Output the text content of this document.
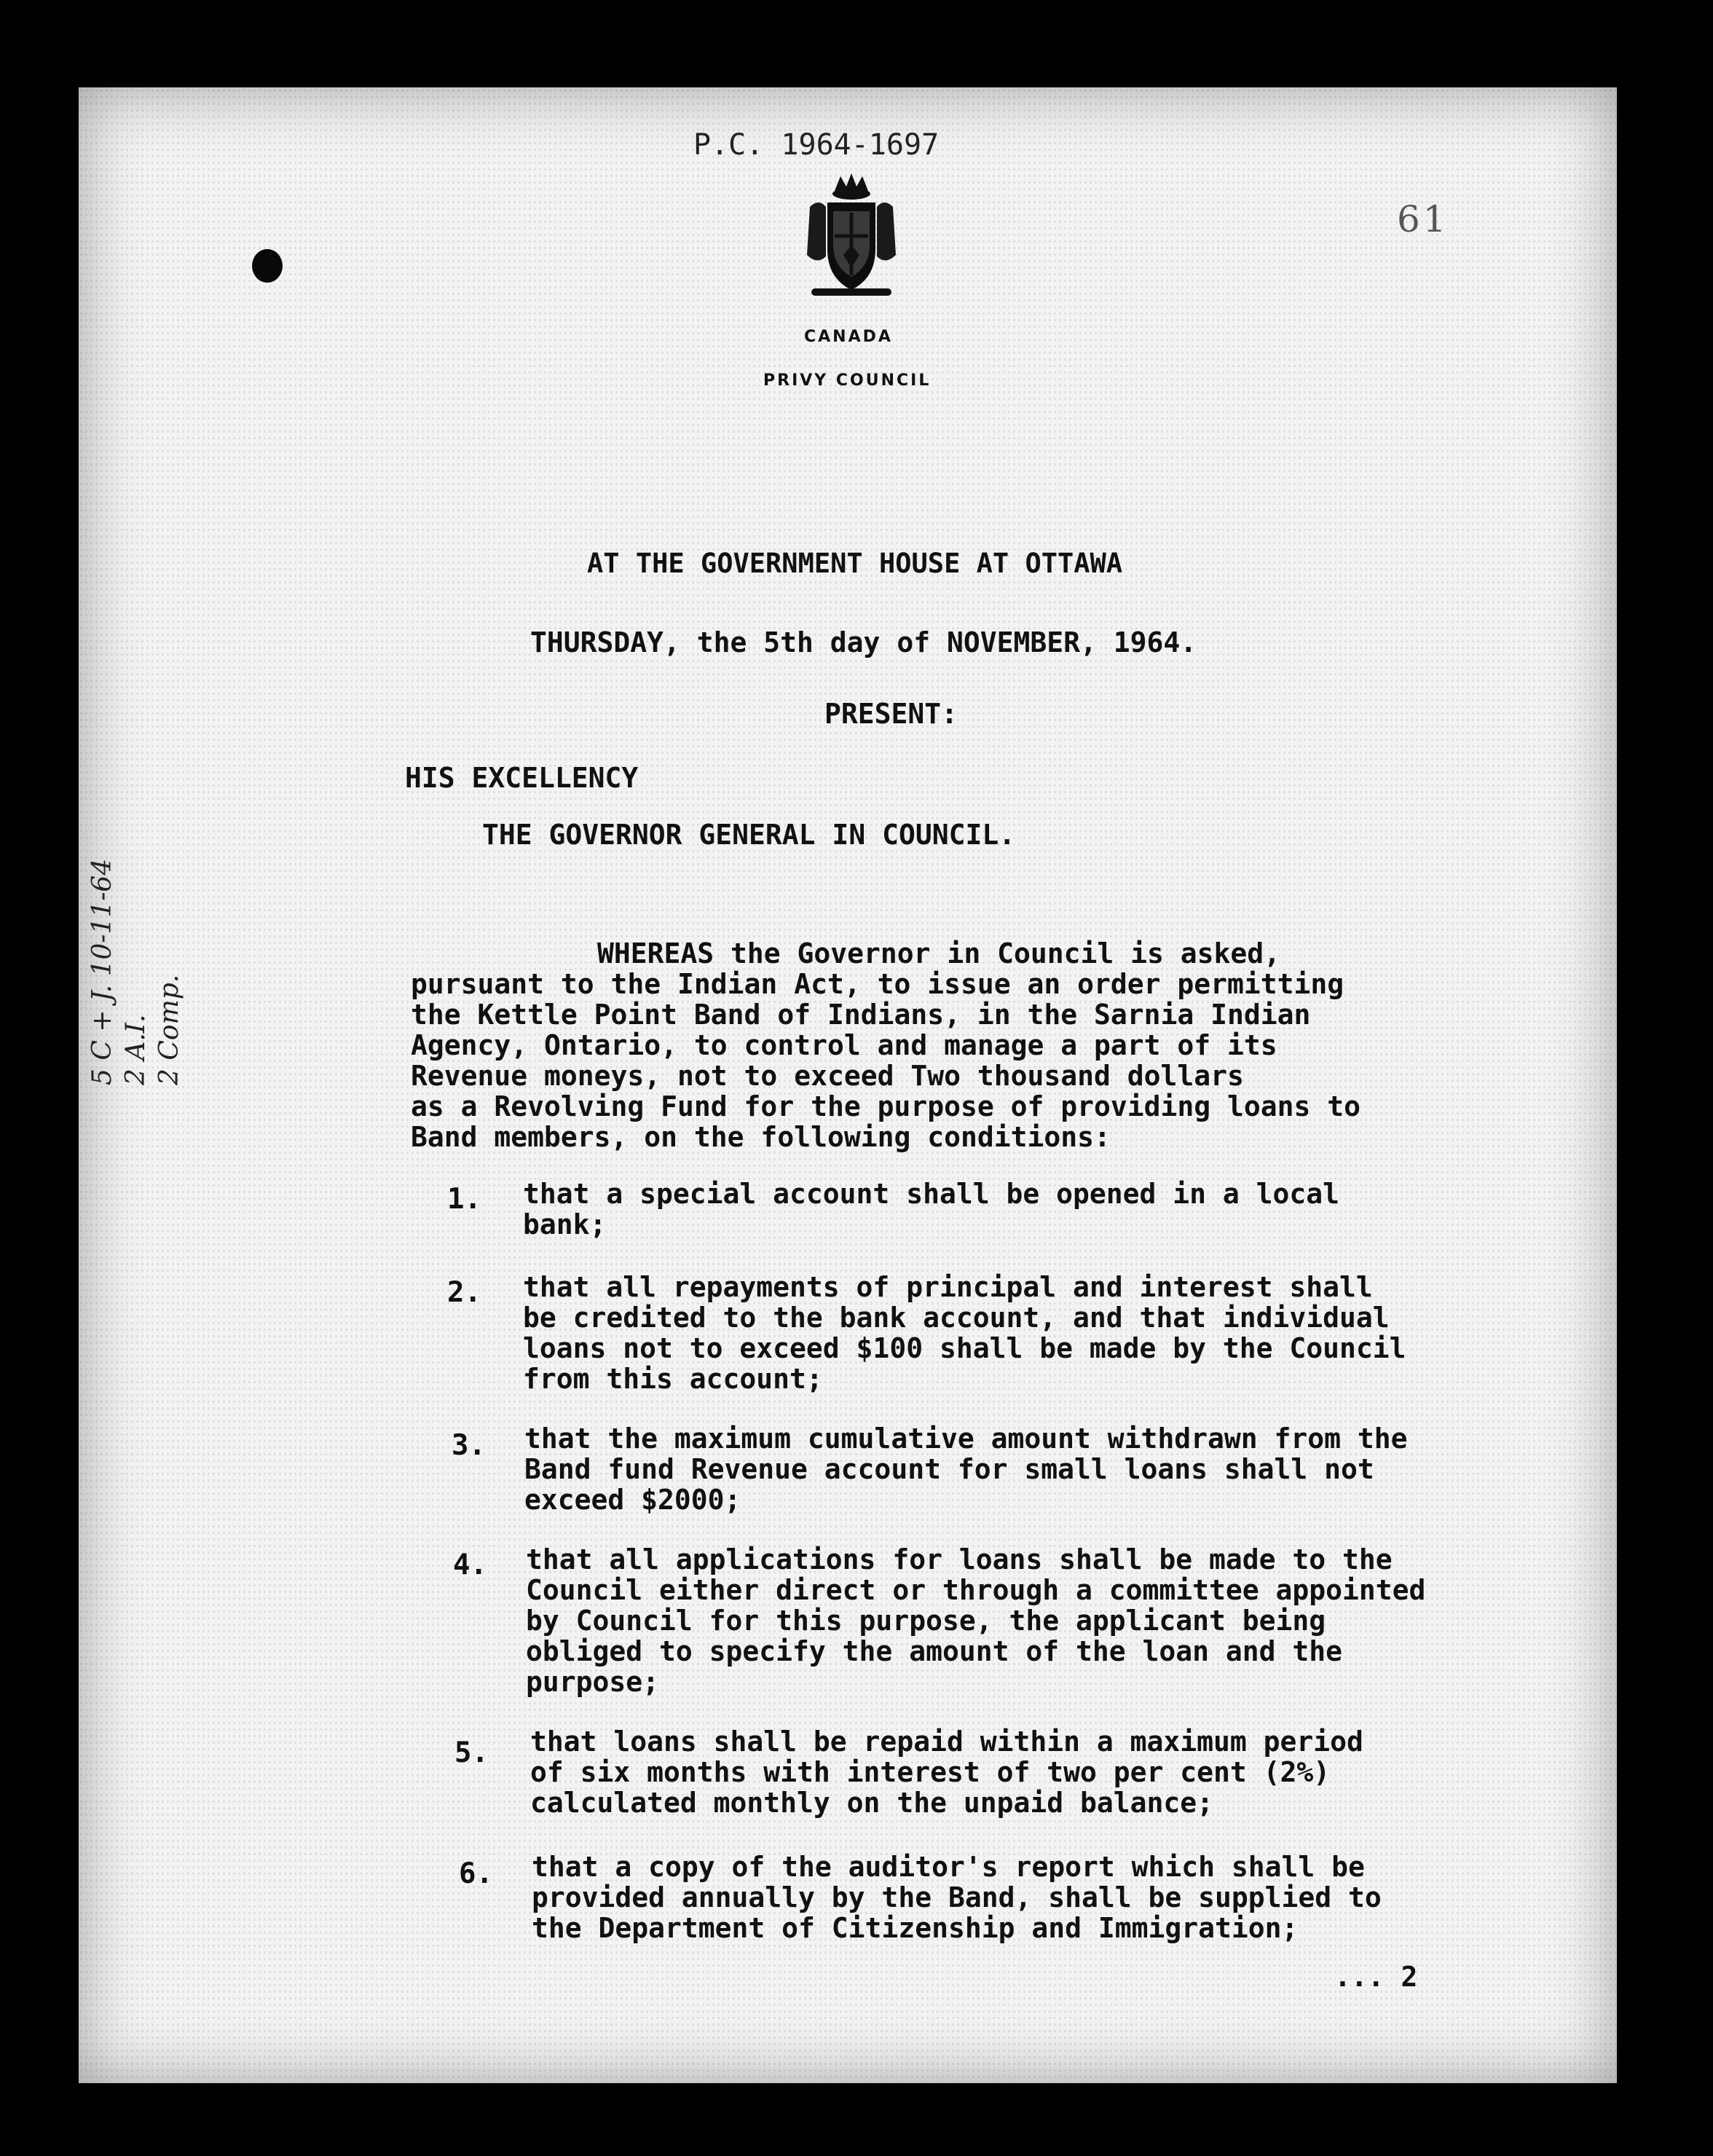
P.C. 1964-1697
61
CANADA
PRIVY COUNCIL
AT THE GOVERNMENT HOUSE AT OTTAWA
THURSDAY, the 5th day of NOVEMBER, 1964.
PRESENT:
HIS EXCELLENCY
THE GOVERNOR GENERAL IN COUNCIL.
WHEREAS the Governor in Council is asked,
pursuant to the Indian Act, to issue an order permitting
the Kettle Point Band of Indians, in the Sarnia Indian
Agency, Ontario, to control and manage a part of its
Revenue moneys, not to exceed Two thousand dollars
as a Revolving Fund for the purpose of providing loans to
Band members, on the following conditions:
1. that a special account shall be opened in a local
bank;
2. that all repayments of principal and interest shall
be credited to the bank account, and that individual
loans not to exceed $100 shall be made by the Council
from this account;
3. that the maximum cumulative amount withdrawn from the
Band fund Revenue account for small loans shall not
exceed $2000;
4. that all applications for loans shall be made to the
Council either direct or through a committee appointed
by Council for this purpose, the applicant being
obliged to specify the amount of the loan and the
purpose;
5. that loans shall be repaid within a maximum period
of six months with interest of two per cent (2%)
calculated monthly on the unpaid balance;
6. that a copy of the auditor's report which shall be
provided annually by the Band, shall be supplied to
the Department of Citizenship and Immigration;
5 C + J. 10-11-64
2 A.I.
2 Comp.
... 2
